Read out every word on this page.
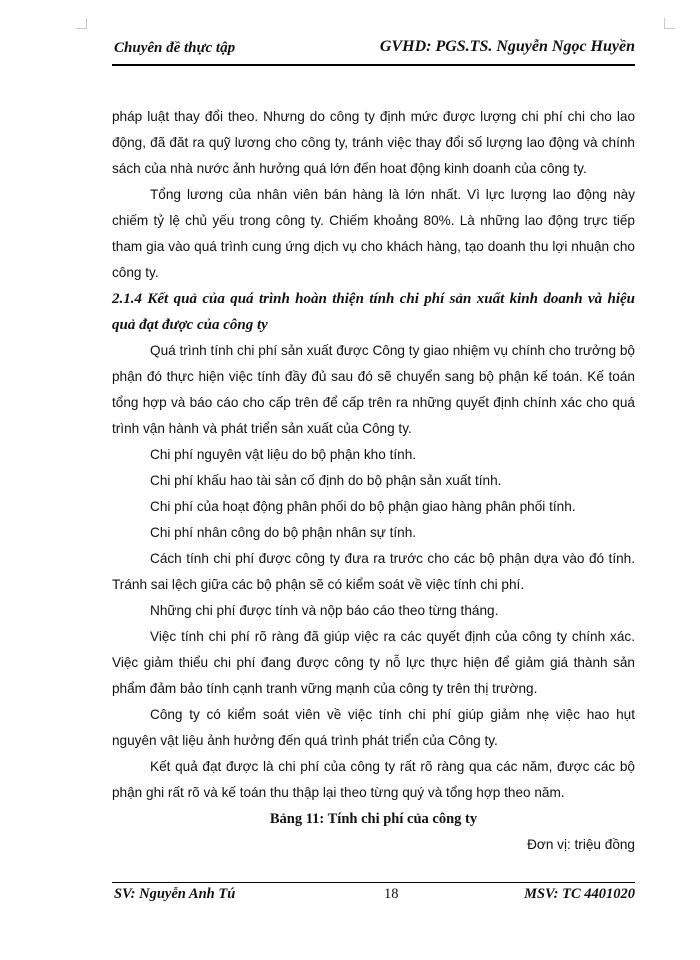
Chuyên đề thực tập	GVHD: PGS.TS. Nguyễn Ngọc Huyền

pháp luật thay đổi theo. Nhưng do công ty định mức được lượng chi phí chi cho lao động, đã đăt ra quỹ lương cho công ty, tránh việc thay đổi số lượng lao động và chính sách của nhà nước ảnh hưởng quá lớn đến hoat động kinh doanh của công ty.

Tổng lương của nhân viên bán hàng là lớn nhất. Vì lực lượng lao động này chiếm tỷ lệ chủ yếu trong công ty. Chiếm khoảng 80%. Là những lao động trực tiếp tham gia vào quá trình cung ứng dịch vụ cho khách hàng, tạo doanh thu lợi nhuận cho công ty.

2.1.4 Kết quả của quá trình hoàn thiện tính chi phí sản xuất kinh doanh và hiệu quả đạt được của công ty

Quá trình tính chi phí sản xuất được Công ty giao nhiệm vụ chính cho trưởng bộ phận đó thực hiện việc tính đầy đủ sau đó sẽ chuyển sang bộ phận kế toán. Kế toán tổng hợp và báo cáo cho cấp trên để cấp trên ra những quyết định chính xác cho quá trình vận hành và phát triển sản xuất của Công ty.

Chi phí nguyên vật liệu do bộ phận kho tính.

Chi phí khấu hao tài sản cố định do bộ phận sản xuất tính.

Chi phí của hoạt động phân phối do bộ phận giao hàng phân phối tính.

Chi phí nhân công do bộ phận nhân sự tính.

Cách tính chi phí được công ty đưa ra trước cho các bộ phận dựa vào đó tính. Tránh sai lệch giữa các bộ phận sẽ có kiểm soát về việc tính chi phí.

Những chi phí được tính và nộp báo cáo theo từng tháng.

Việc tính chi phí rõ ràng đã giúp việc ra các quyết định của công ty chính xác. Việc giảm thiểu chi phí đang được công ty nỗ lực thực hiện để giảm giá thành sản phẩm đảm bảo tính cạnh tranh vững mạnh của công ty trên thị trường.

Công ty có kiểm soát viên về việc tính chi phí giúp giảm nhẹ việc hao hụt nguyên vật liệu ảnh hưởng đến quá trình phát triển của Công ty.

Kết quả đạt được là chi phí của công ty rất rõ ràng qua các năm, được các bộ phận ghi rất rõ và kế toán thu thập lại theo từng quý và tổng hợp theo năm.

Bảng 11: Tính chi phí của công ty

Đơn vị: triệu đồng

SV: Nguyễn Anh Tú	18	MSV: TC 4401020
